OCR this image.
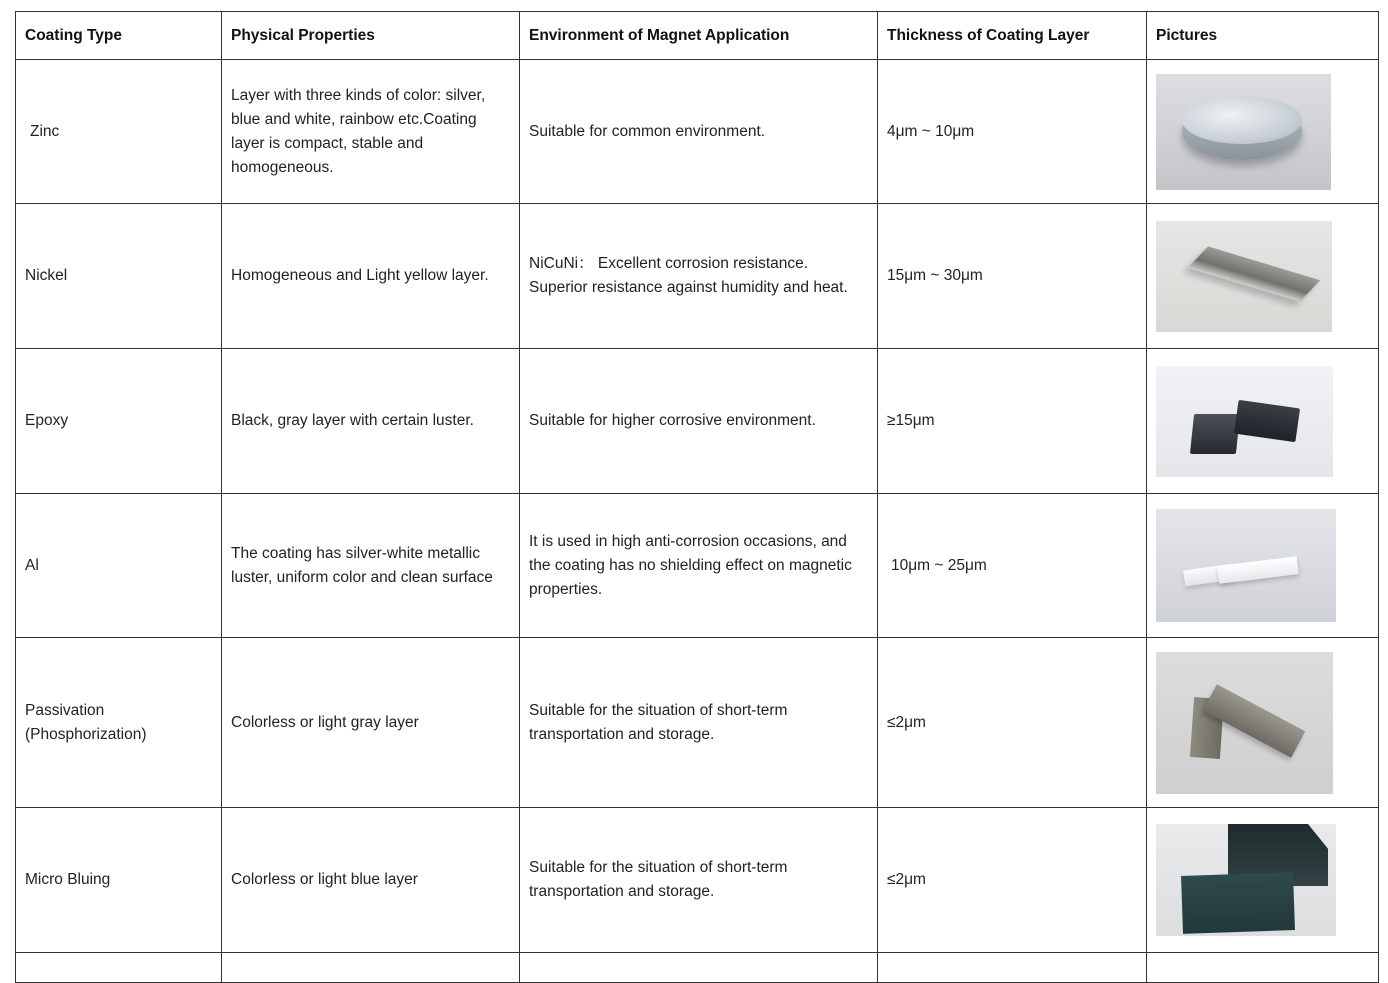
Coating Type	Physical Properties	Environment of Magnet Application	Thickness of Coating Layer	Pictures
Zinc	Layer with three kinds of color: silver, blue and white, rainbow etc.Coating layer is compact, stable and homogeneous.	Suitable for common environment.	4μm ~ 10μm	

Nickel	Homogeneous and Light yellow layer.	NiCuNi： Excellent corrosion resistance. Superior resistance against humidity and heat.	15μm ~ 30μm	

Epoxy	Black, gray layer with certain luster.	Suitable for higher corrosive environment.	≥15μm	

Al	The coating has silver-white metallic luster, uniform color and clean surface	It is used in high anti-corrosion occasions, and the coating has no shielding effect on magnetic properties.	10μm ~ 25μm	

Passivation (Phosphorization)	Colorless or light gray layer	Suitable for the situation of short-term transportation and storage.	≤2μm	

Micro Bluing	Colorless or light blue layer	Suitable for the situation of short-term transportation and storage.	≤2μm	
